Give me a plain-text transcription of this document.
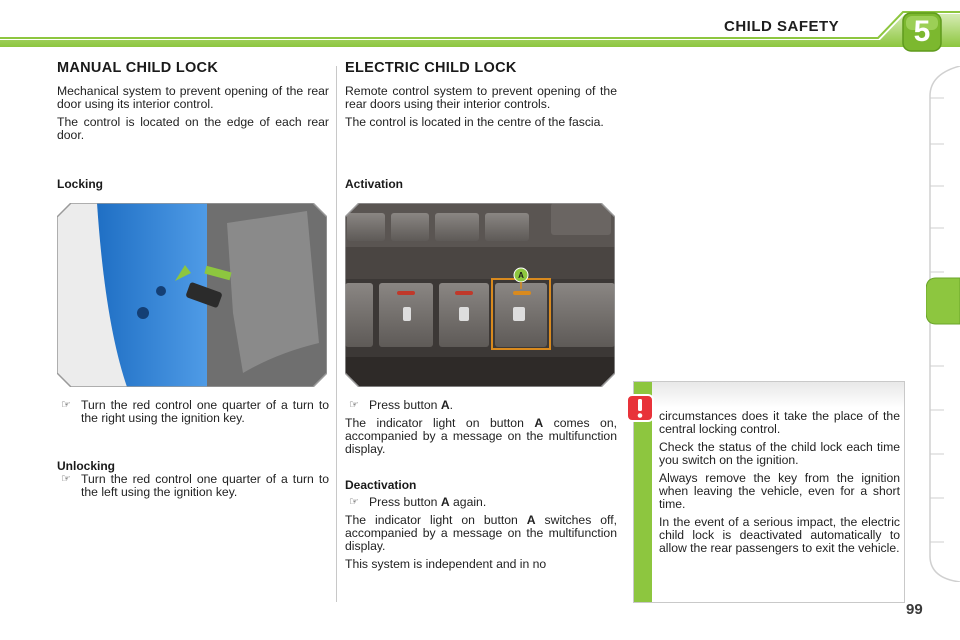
CHILD SAFETY	5
MANUAL CHILD LOCK

Mechanical system to prevent opening of the rear door using its interior control.

The control is located on the edge of each rear door.

Locking
☞ Turn the red control one quarter of a turn to the right using the ignition key.
Unlocking
☞ Turn the red control one quarter of a turn to the left using the ignition key.
ELECTRIC CHILD LOCK

Remote control system to prevent opening of the rear doors using their interior controls.

The control is located in the centre of the fascia.

Activation
A
☞ Press button A.

The indicator light on button A comes on, accompanied by a message on the multifunction display.

Deactivation
☞ Press button A again.

The indicator light on button A switches off, accompanied by a message on the multifunction display.

This system is independent and in no

circumstances does it take the place of the central locking control.

Check the status of the child lock each time you switch on the ignition.

Always remove the key from the ignition when leaving the vehicle, even for a short time.

In the event of a serious impact, the electric child lock is deactivated automatically to allow the rear passengers to exit the vehicle.

99
